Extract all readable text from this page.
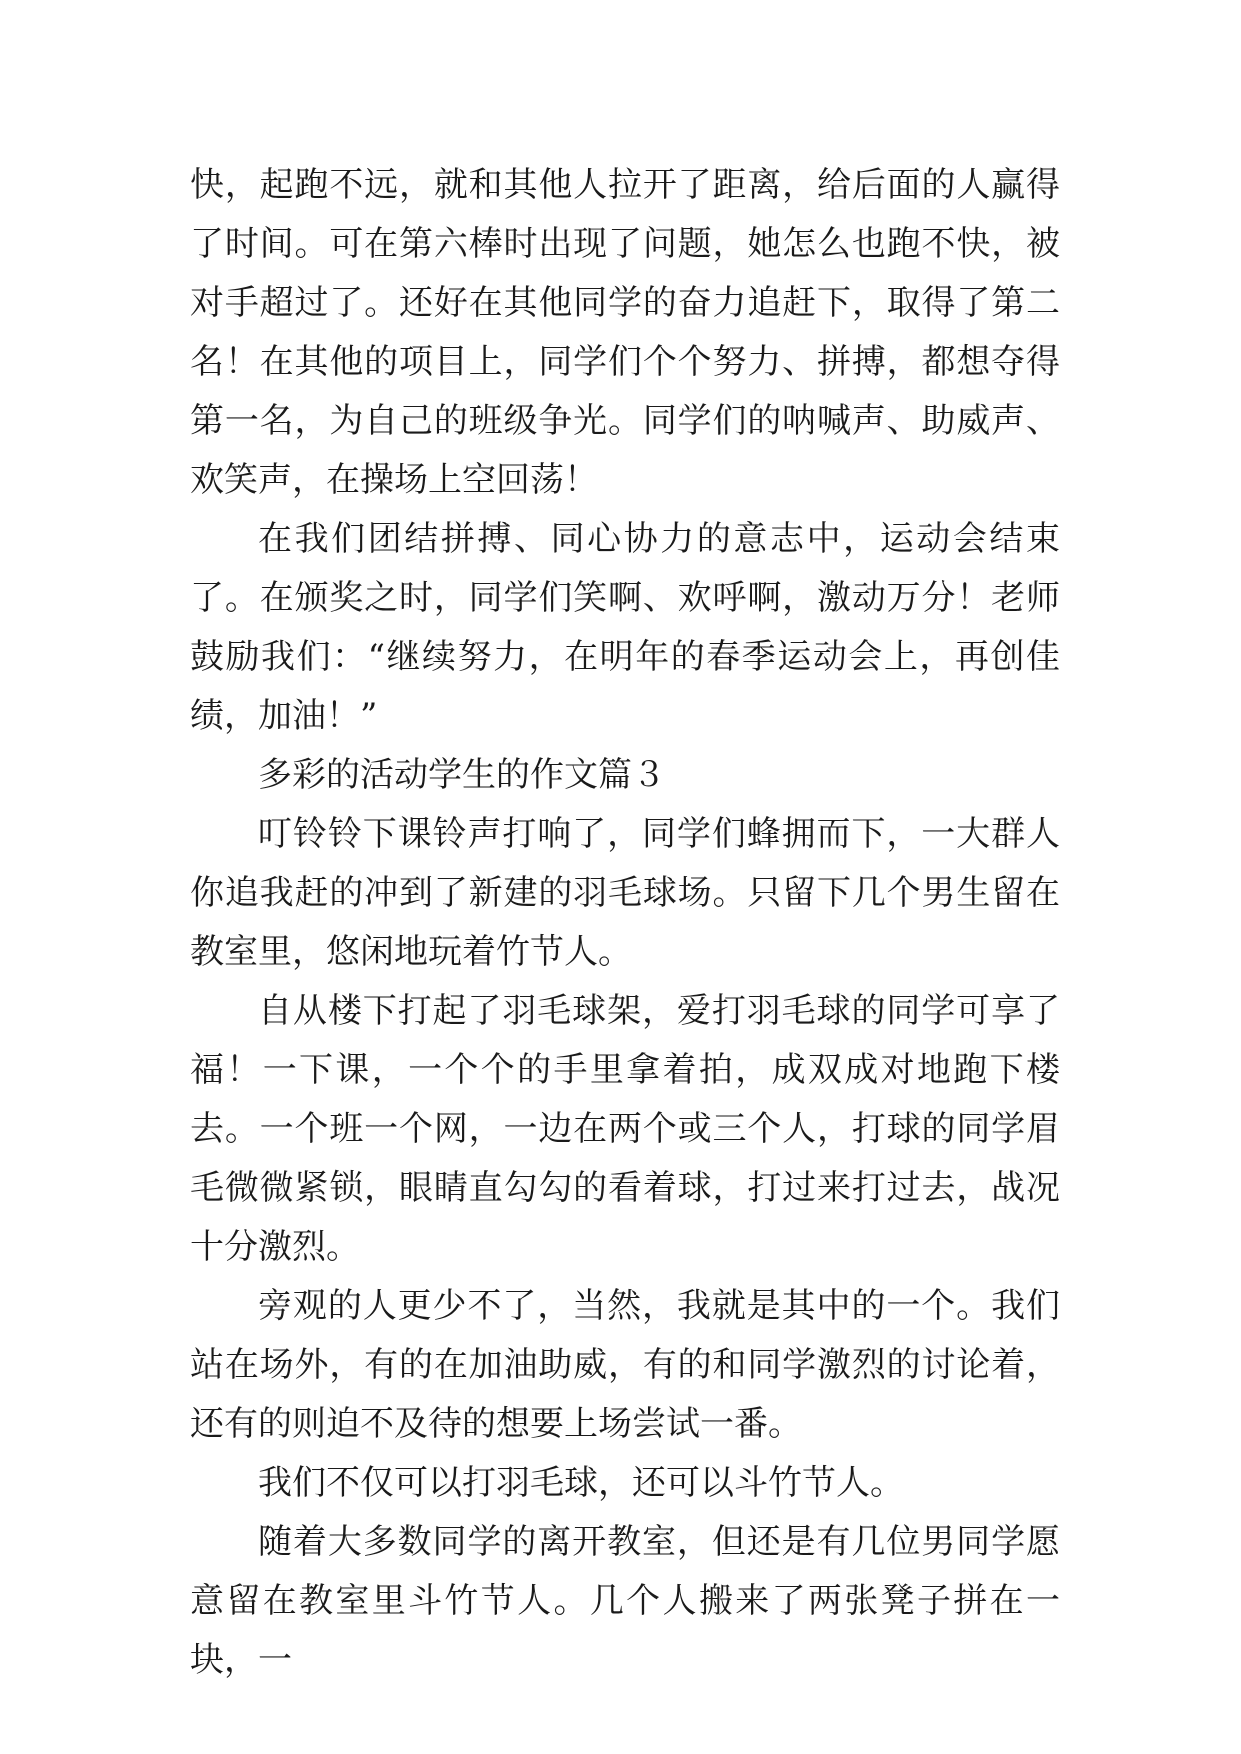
快，起跑不远，就和其他人拉开了距离，给后面的人赢得了时间。可在第六棒时出现了问题，她怎么也跑不快，被对手超过了。还好在其他同学的奋力追赶下，取得了第二名！在其他的项目上，同学们个个努力、拼搏，都想夺得第一名，为自己的班级争光。同学们的呐喊声、助威声、欢笑声，在操场上空回荡！

在我们团结拼搏、同心协力的意志中，运动会结束了。在颁奖之时，同学们笑啊、欢呼啊，激动万分！老师鼓励我们：“继续努力，在明年的春季运动会上，再创佳绩，加油！”

多彩的活动学生的作文篇３

叮铃铃下课铃声打响了，同学们蜂拥而下，一大群人你追我赶的冲到了新建的羽毛球场。只留下几个男生留在教室里，悠闲地玩着竹节人。

自从楼下打起了羽毛球架，爱打羽毛球的同学可享了福！一下课，一个个的手里拿着拍，成双成对地跑下楼去。一个班一个网，一边在两个或三个人，打球的同学眉毛微微紧锁，眼睛直勾勾的看着球，打过来打过去，战况十分激烈。

旁观的人更少不了，当然，我就是其中的一个。我们站在场外，有的在加油助威，有的和同学激烈的讨论着，还有的则迫不及待的想要上场尝试一番。

我们不仅可以打羽毛球，还可以斗竹节人。

随着大多数同学的离开教室，但还是有几位男同学愿意留在教室里斗竹节人。几个人搬来了两张凳子拼在一块，一
